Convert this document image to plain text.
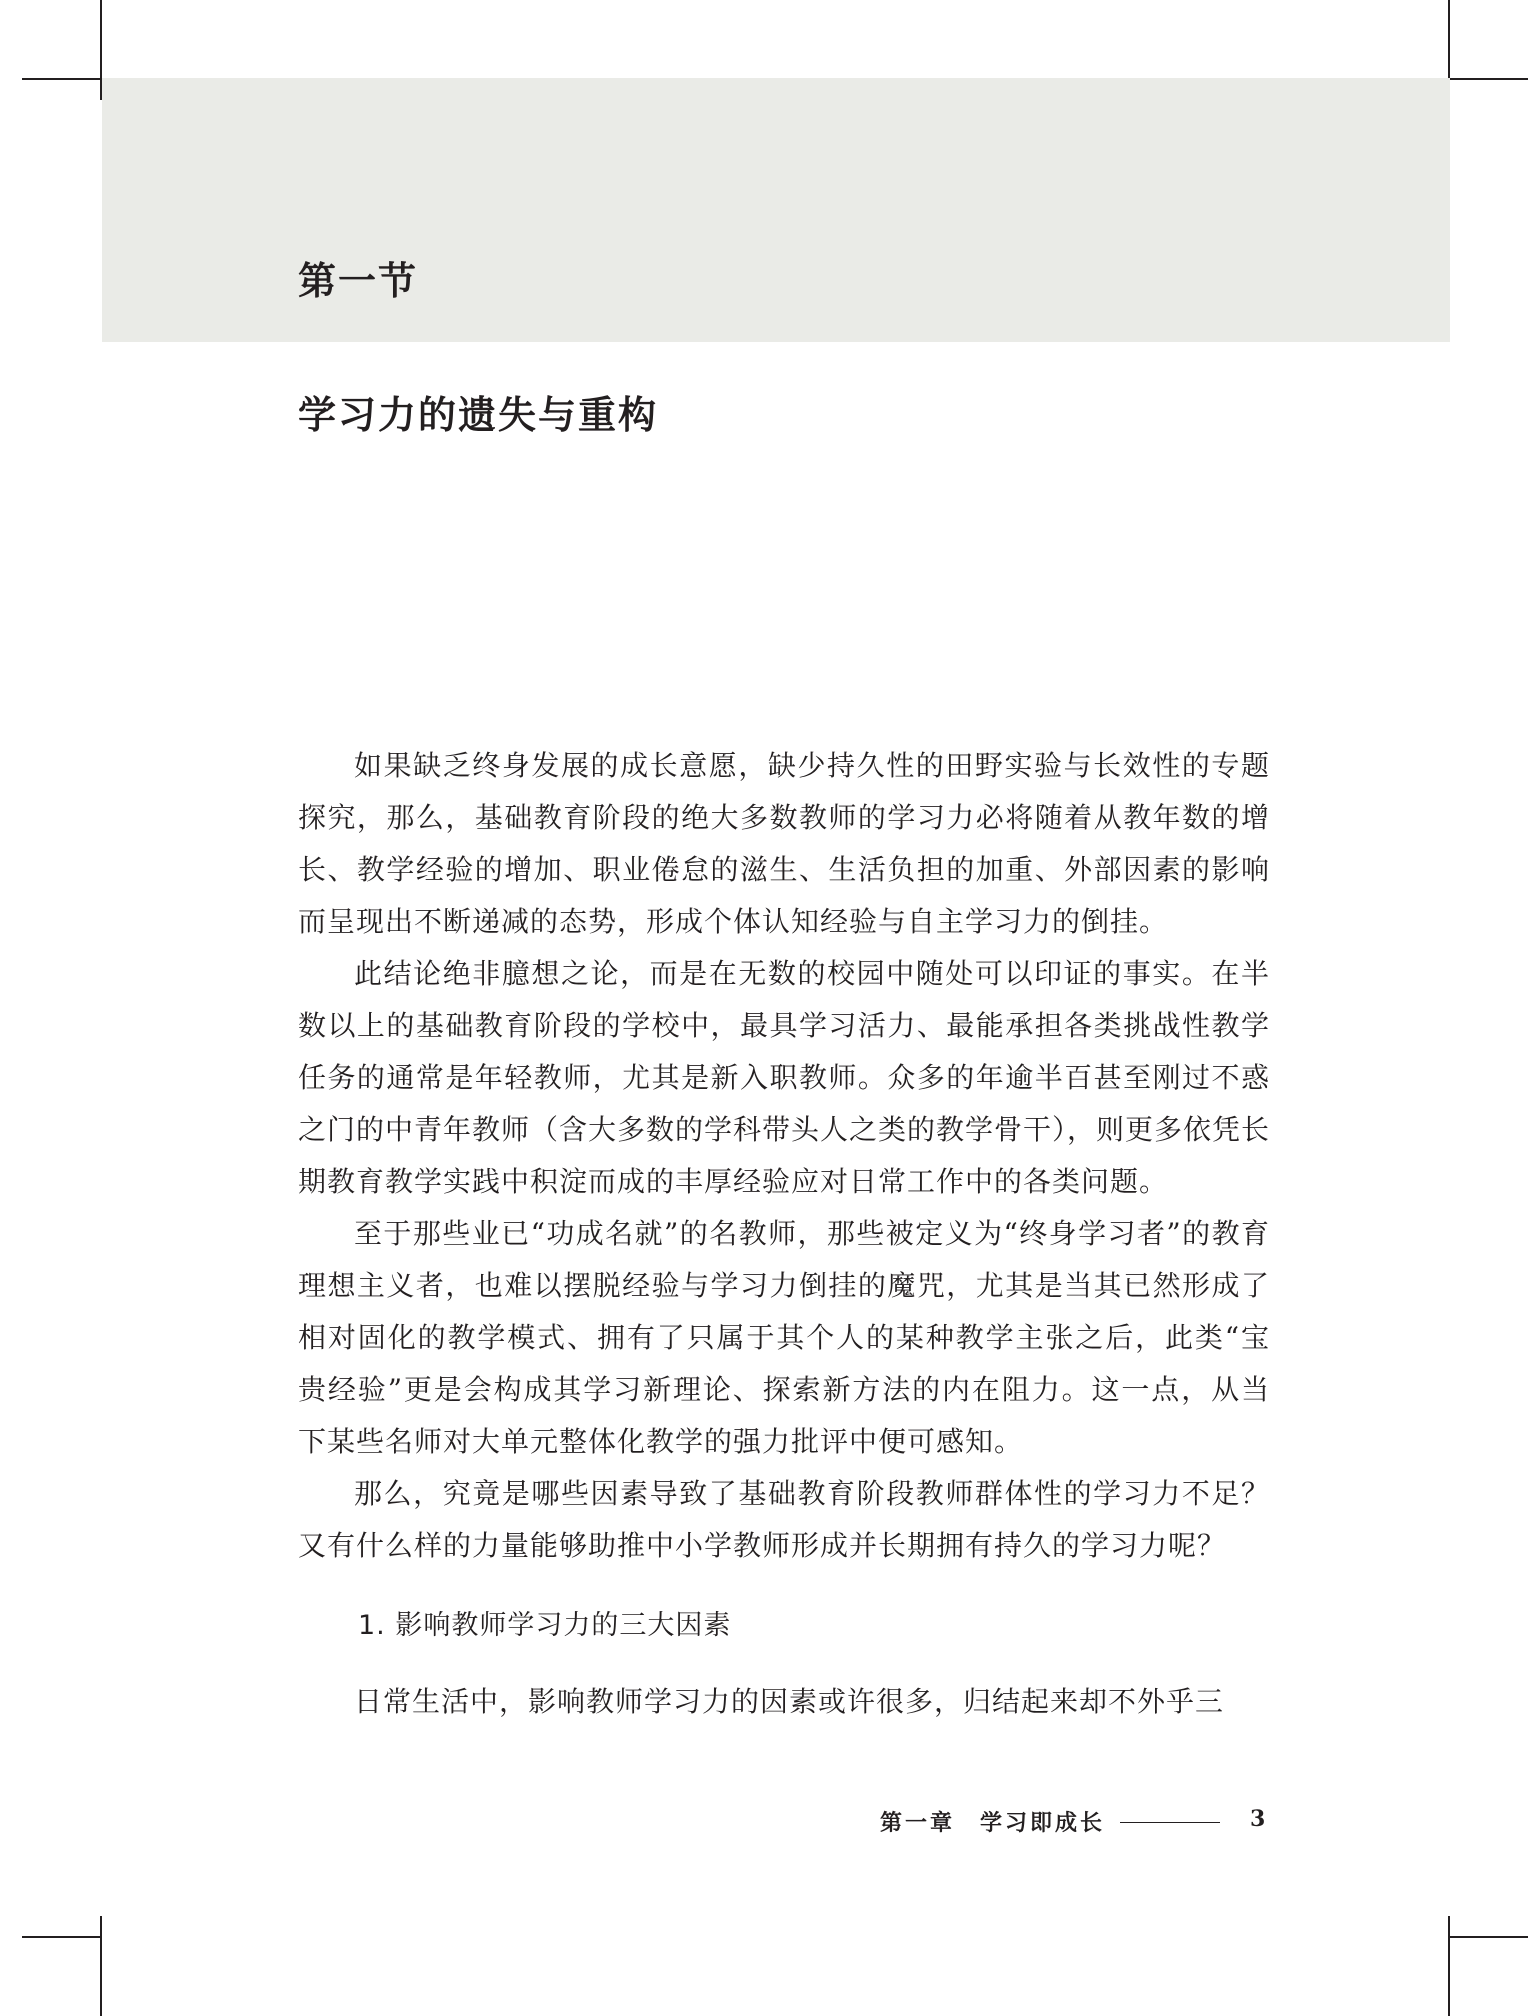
第一节
学习力的遗失与重构

如果缺乏终身发展的成长意愿，缺少持久性的田野实验与长效性的专题探究，那么，基础教育阶段的绝大多数教师的学习力必将随着从教年数的增长、教学经验的增加、职业倦怠的滋生、生活负担的加重、外部因素的影响而呈现出不断递减的态势，形成个体认知经验与自主学习力的倒挂。

此结论绝非臆想之论，而是在无数的校园中随处可以印证的事实。在半数以上的基础教育阶段的学校中，最具学习活力、最能承担各类挑战性教学任务的通常是年轻教师，尤其是新入职教师。众多的年逾半百甚至刚过不惑之门的中青年教师（含大多数的学科带头人之类的教学骨干），则更多依凭长期教育教学实践中积淀而成的丰厚经验应对日常工作中的各类问题。

至于那些业已“功成名就”的名教师，那些被定义为“终身学习者”的教育理想主义者，也难以摆脱经验与学习力倒挂的魔咒，尤其是当其已然形成了相对固化的教学模式、拥有了只属于其个人的某种教学主张之后，此类“宝贵经验”更是会构成其学习新理论、探索新方法的内在阻力。这一点，从当下某些名师对大单元整体化教学的强力批评中便可感知。

那么，究竟是哪些因素导致了基础教育阶段教师群体性的学习力不足？又有什么样的力量能够助推中小学教师形成并长期拥有持久的学习力呢？

1. 影响教师学习力的三大因素

日常生活中，影响教师学习力的因素或许很多，归结起来却不外乎三

第一章　学习即成长	3
